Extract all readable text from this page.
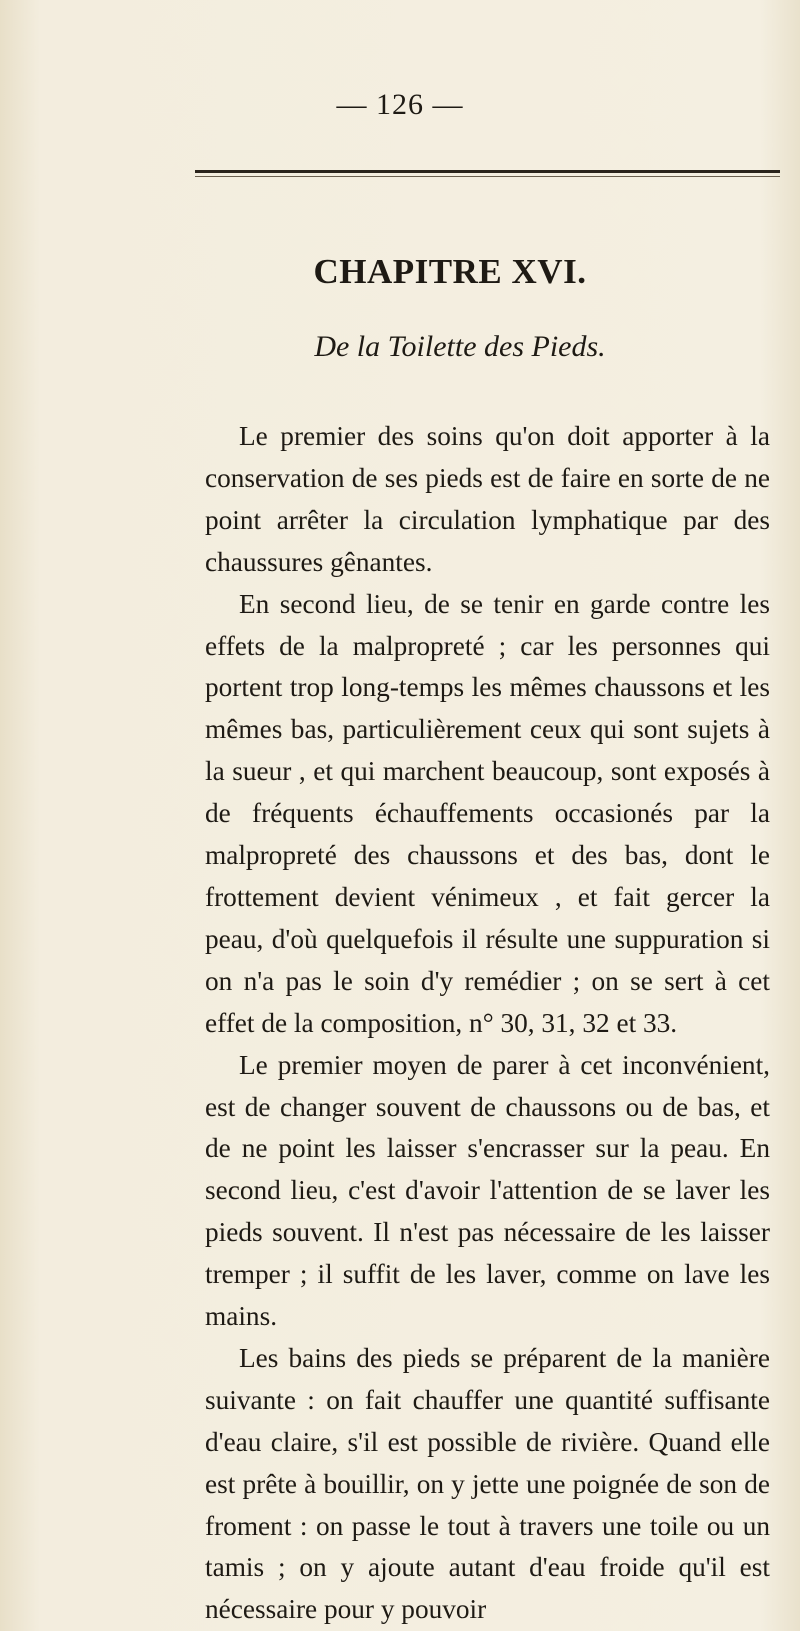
— 126 —
CHAPITRE XVI.
De la Toilette des Pieds.

Le premier des soins qu'on doit apporter à la conservation de ses pieds est de faire en sorte de ne point arrêter la circulation lymphatique par des chaussures gênantes.

En second lieu, de se tenir en garde contre les effets de la malpropreté ; car les personnes qui portent trop long-temps les mêmes chaussons et les mêmes bas, particulièrement ceux qui sont sujets à la sueur , et qui marchent beaucoup, sont exposés à de fréquents échauffements occasionés par la malpropreté des chaussons et des bas, dont le frottement devient vénimeux , et fait gercer la peau, d'où quelquefois il résulte une suppuration si on n'a pas le soin d'y remédier ; on se sert à cet effet de la composition, n° 30, 31, 32 et 33.

Le premier moyen de parer à cet inconvénient, est de changer souvent de chaussons ou de bas, et de ne point les laisser s'encrasser sur la peau. En second lieu, c'est d'avoir l'attention de se laver les pieds souvent. Il n'est pas nécessaire de les laisser tremper ; il suffit de les laver, comme on lave les mains.

Les bains des pieds se préparent de la manière suivante : on fait chauffer une quantité suffisante d'eau claire, s'il est possible de rivière. Quand elle est prête à bouillir, on y jette une poignée de son de froment : on passe le tout à travers une toile ou un tamis ; on y ajoute autant d'eau froide qu'il est nécessaire pour y pouvoir
